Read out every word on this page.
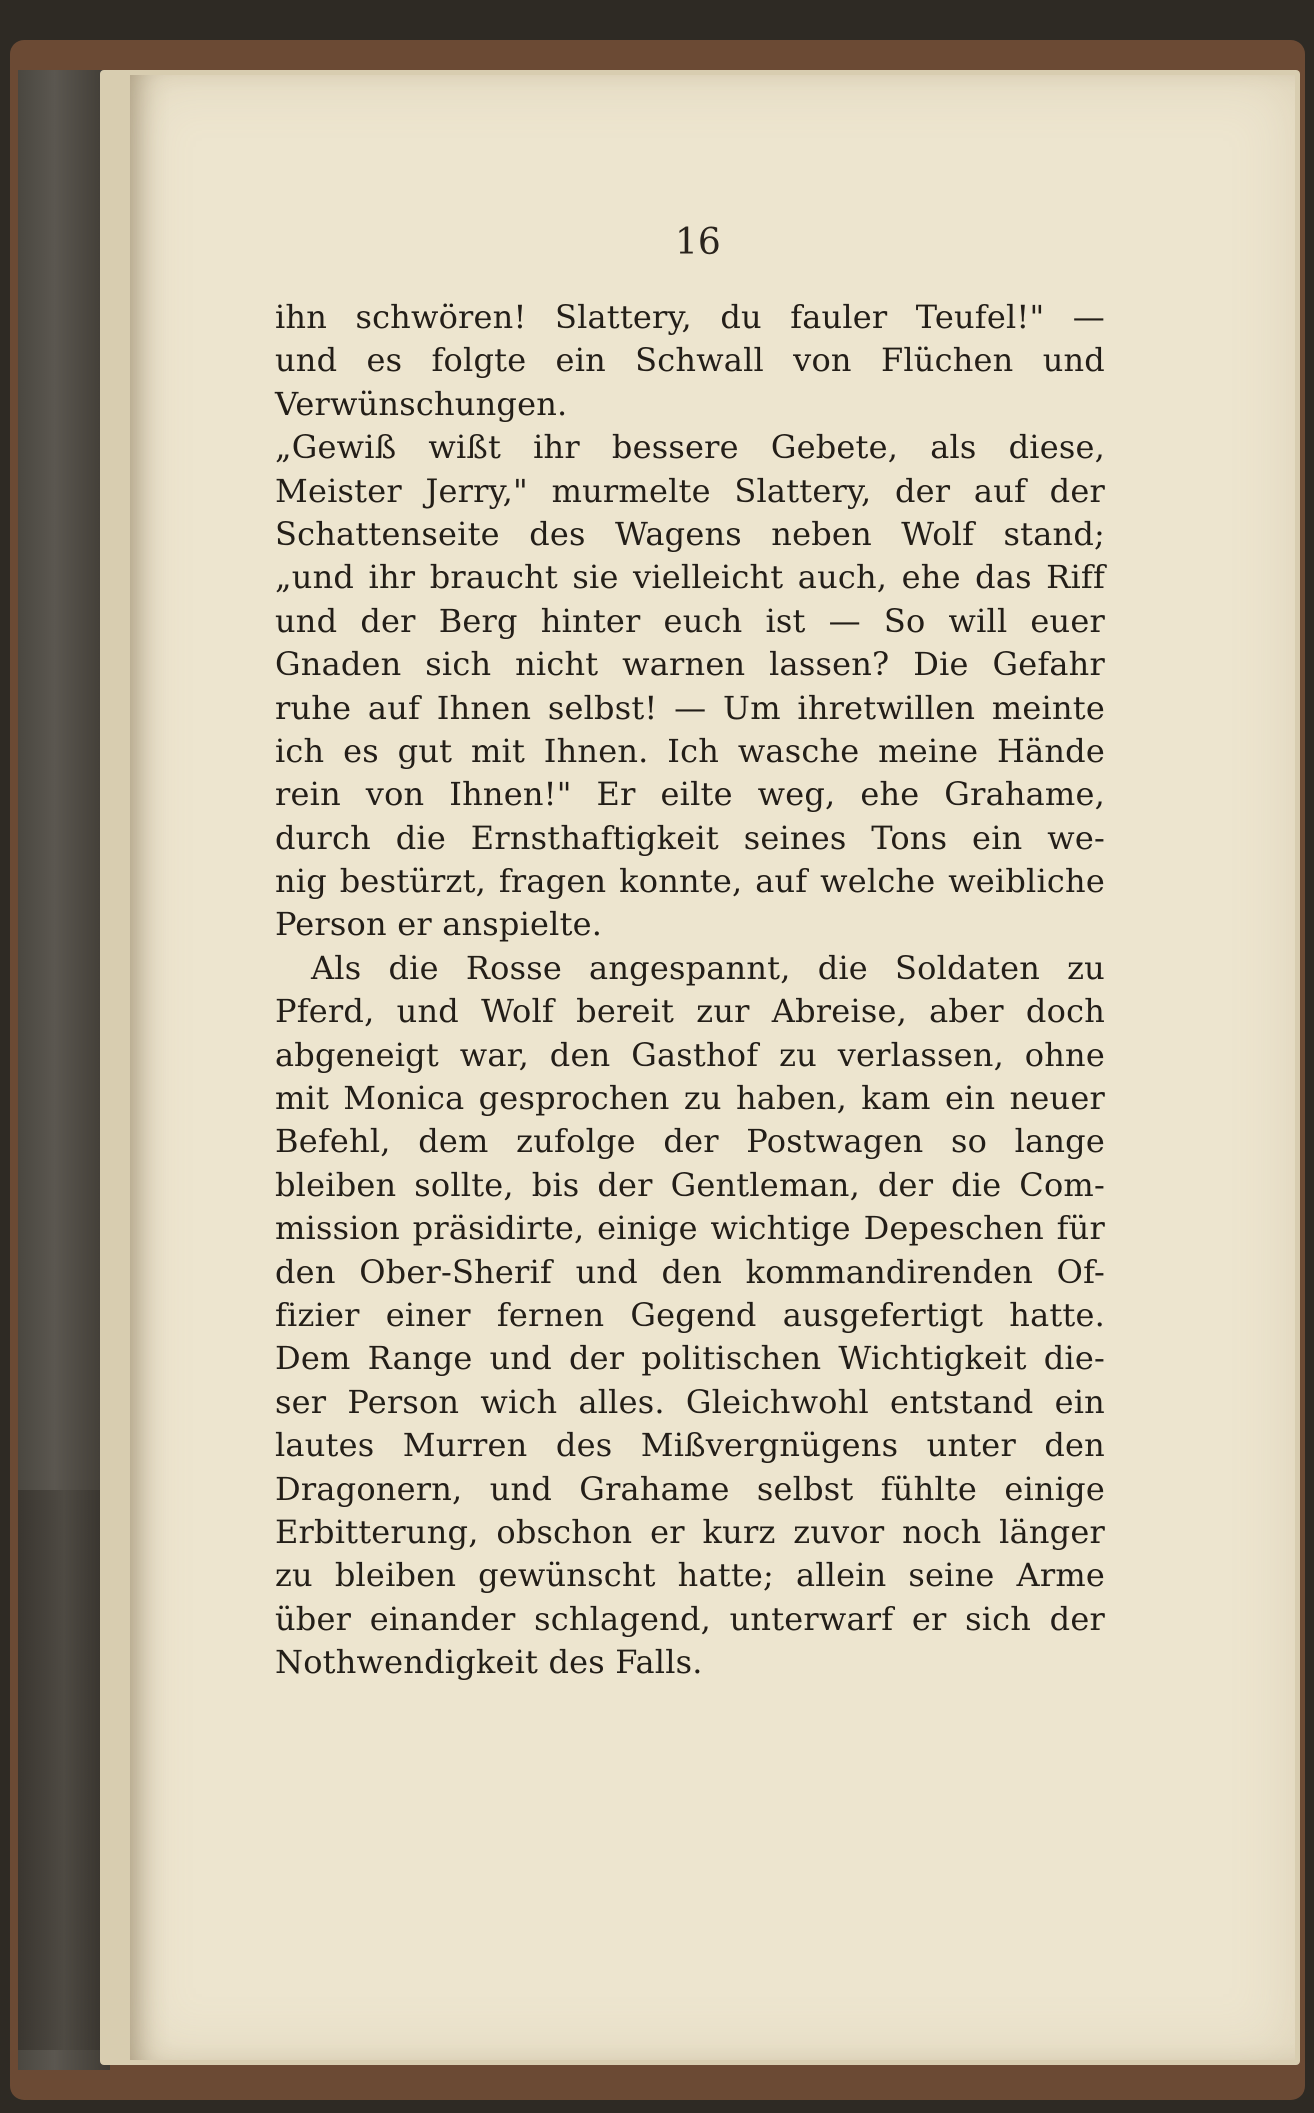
16
ihn schwören! Slattery, du fauler Teufel!" —
und es folgte ein Schwall von Flüchen und
Verwünschungen.
„Gewiß wißt ihr bessere Gebete, als diese,
Meister Jerry," murmelte Slattery, der auf der
Schattenseite des Wagens neben Wolf stand;
„und ihr braucht sie vielleicht auch, ehe das Riff
und der Berg hinter euch ist — So will euer
Gnaden sich nicht warnen lassen? Die Gefahr
ruhe auf Ihnen selbst! — Um ihretwillen meinte
ich es gut mit Ihnen. Ich wasche meine Hände
rein von Ihnen!" Er eilte weg, ehe Grahame,
durch die Ernsthaftigkeit seines Tons ein we-
nig bestürzt, fragen konnte, auf welche weibliche
Person er anspielte.
Als die Rosse angespannt, die Soldaten zu
Pferd, und Wolf bereit zur Abreise, aber doch
abgeneigt war, den Gasthof zu verlassen, ohne
mit Monica gesprochen zu haben, kam ein neuer
Befehl, dem zufolge der Postwagen so lange
bleiben sollte, bis der Gentleman, der die Com-
mission präsidirte, einige wichtige Depeschen für
den Ober-Sherif und den kommandirenden Of-
fizier einer fernen Gegend ausgefertigt hatte.
Dem Range und der politischen Wichtigkeit die-
ser Person wich alles. Gleichwohl entstand ein
lautes Murren des Mißvergnügens unter den
Dragonern, und Grahame selbst fühlte einige
Erbitterung, obschon er kurz zuvor noch länger
zu bleiben gewünscht hatte; allein seine Arme
über einander schlagend, unterwarf er sich der
Nothwendigkeit des Falls.
